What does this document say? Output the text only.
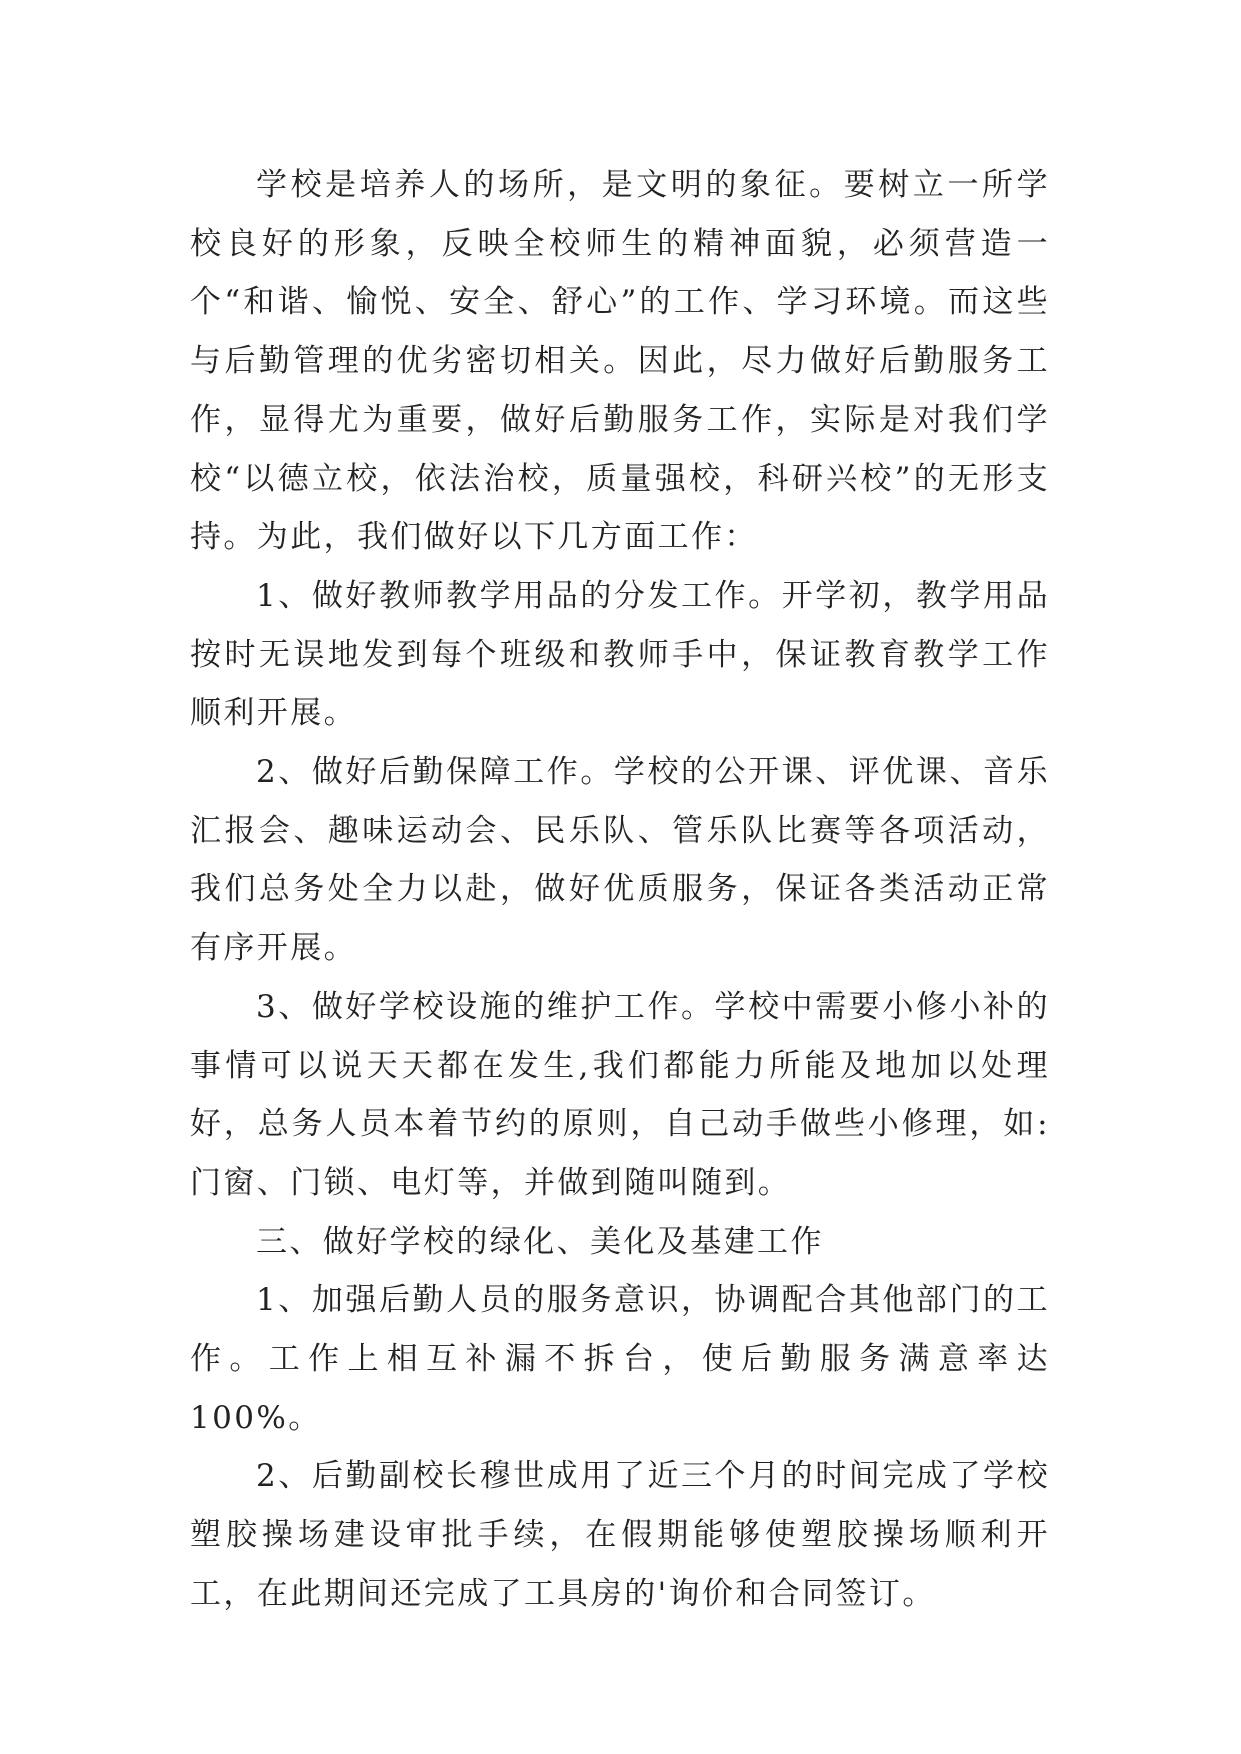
学校是培养人的场所，是文明的象征。要树立一所学校良好的形象，反映全校师生的精神面貌，必须营造一个“和谐、愉悦、安全、舒心”的工作、学习环境。而这些与后勤管理的优劣密切相关。因此，尽力做好后勤服务工作，显得尤为重要，做好后勤服务工作，实际是对我们学校“以德立校，依法治校，质量强校，科研兴校”的无形支持。为此，我们做好以下几方面工作：

1、做好教师教学用品的分发工作。开学初，教学用品按时无误地发到每个班级和教师手中，保证教育教学工作顺利开展。

2、做好后勤保障工作。学校的公开课、评优课、音乐汇报会、趣味运动会、民乐队、管乐队比赛等各项活动，我们总务处全力以赴，做好优质服务，保证各类活动正常有序开展。

3、做好学校设施的维护工作。学校中需要小修小补的事情可以说天天都在发生,我们都能力所能及地加以处理好，总务人员本着节约的原则，自己动手做些小修理，如:门窗、门锁、电灯等，并做到随叫随到。

三、做好学校的绿化、美化及基建工作

1、加强后勤人员的服务意识，协调配合其他部门的工作。工作上相互补漏不拆台，使后勤服务满意率达100%。

2、后勤副校长穆世成用了近三个月的时间完成了学校塑胶操场建设审批手续，在假期能够使塑胶操场顺利开工，在此期间还完成了工具房的'询价和合同签订。
